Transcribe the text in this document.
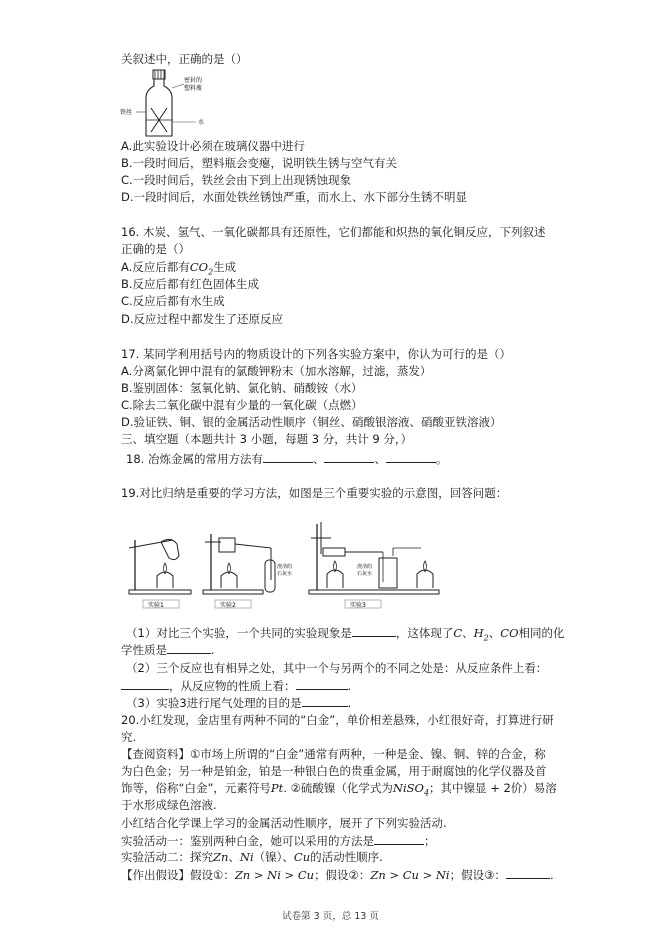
关叙述中，正确的是（）
密封的
塑料瓶
铁丝
水
A.此实验设计必须在玻璃仪器中进行
B.一段时间后，塑料瓶会变瘪，说明铁生锈与空气有关
C.一段时间后，铁丝会由下到上出现锈蚀现象
D.一段时间后，水面处铁丝锈蚀严重，而水上、水下部分生锈不明显
16. 木炭、氢气、一氧化碳都具有还原性，它们都能和炽热的氧化铜反应，下列叙述
正确的是（）
A.反应后都有$CO_2$生成
B.反应后都有红色固体生成
C.反应后都有水生成
D.反应过程中都发生了还原反应
17. 某同学利用括号内的物质设计的下列各实验方案中，你认为可行的是（）
A.分离氯化钾中混有的氯酸钾粉末（加水溶解，过滤，蒸发）
B.鉴别固体：氢氧化钠、氯化钠、硝酸铵（水）
C.除去二氧化碳中混有少量的一氧化碳（点燃）
D.验证铁、铜、银的金属活动性顺序（铜丝、硝酸银溶液、硝酸亚铁溶液）
三、填空题（本题共计 3 小题，每题 3 分，共计 9 分，）
18. 冶炼金属的常用方法有	、	、	。
19.对比归纳是重要的学习方法，如图是三个重要实验的示意图，回答问题：
实验1
澄清的
石灰水
实验2
澄清的
石灰水
实验3
（1）对比三个实验，一个共同的实验现象是	，这体现了C、$H_2$、CO相同的化
学性质是	.
（2）三个反应也有相异之处，其中一个与另两个的不同之处是：从反应条件上看：
，从反应物的性质上看：	.
（3）实验3进行尾气处理的目的是	.
20.小红发现，金店里有两种不同的“白金”，单价相差悬殊，小红很好奇，打算进行研
究.
【查阅资料】①市场上所谓的“白金”通常有两种，一种是金、镍、铜、锌的合金，称
为白色金；另一种是铂金，铂是一种银白色的贵重金属，用于耐腐蚀的化学仪器及首
饰等，俗称“白金”，元素符号Pt. ②硫酸镍（化学式为NiSO$_4$；其中镍显 + 2价）易溶
于水形成绿色溶液.
小红结合化学课上学习的金属活动性顺序，展开了下列实验活动.
实验活动一：鉴别两种白金，她可以采用的方法是	；
实验活动二：探究Zn、Ni（镍）、Cu的活动性顺序.
【作出假设】假设①：Zn > Ni > Cu；假设②：Zn > Cu > Ni；假设③：	.
试卷第 3 页，总 13 页
